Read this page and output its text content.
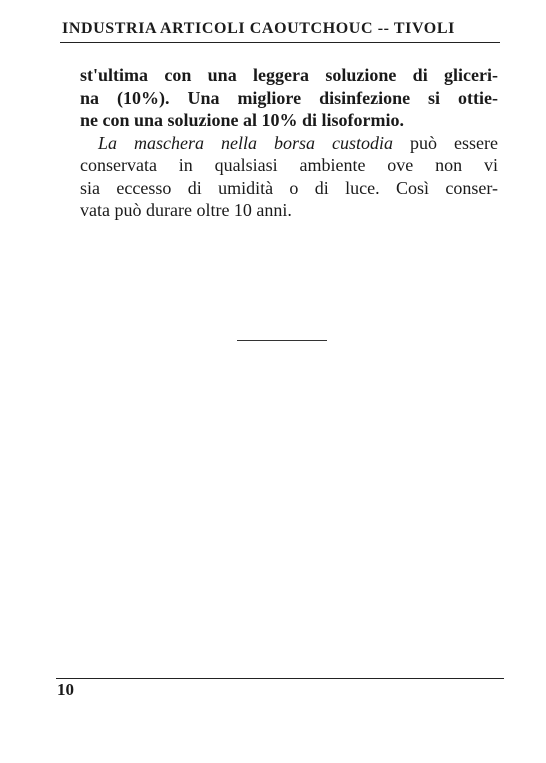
INDUSTRIA ARTICOLI CAOUTCHOUC -- TIVOLI
st'ultima con una leggera soluzione di gliceri-
na (10%). Una migliore disinfezione si ottie-
ne con una soluzione al 10% di lisoformio.
La maschera nella borsa custodia può essere
conservata in qualsiasi ambiente ove non vi
sia eccesso di umidità o di luce. Così conser-
vata può durare oltre 10 anni.
10
